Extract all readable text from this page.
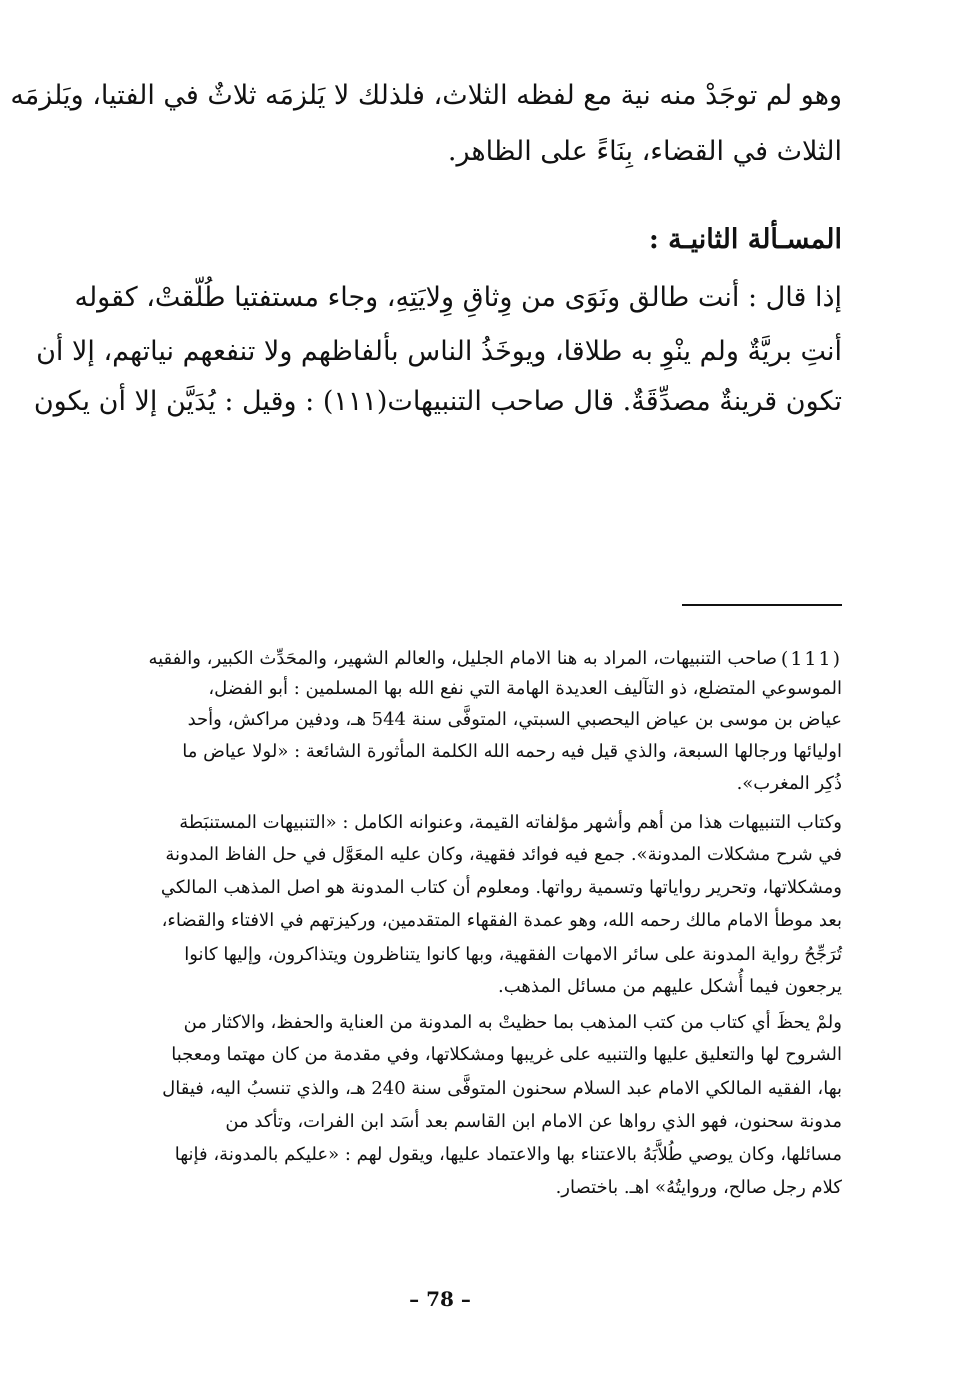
وهو لم توجَدْ منه نية مع لفظه الثلاث، فلذلك لا يَلزمَه ثلاثٌ في الفتيا، ويَلزمَه
الثلاث في القضاء، بِنَاءً على الظاهر.
المسـألة الثانيـة :
إذا قال : أنت طالق ونَوَى من وِثاقِ وِلايَتِهِ، وجاء مستفتيا طُلّقتْ، كقوله
أنتِ بريَّةٌ ولم ينْوِ به طلاقا، ويوخَذُ الناس بألفاظهم ولا تنفعهم نياتهم، إلا أن
تكون قرينةٌ مصدِّقَةٌ. قال صاحب التنبيهات(١١١) : وقيل : يُدَيَّن إلا أن يكون
(111)
صاحب التنبيهات، المراد به هنا الامام الجليل، والعالم الشهير، والمحَدِّث الكبير، والفقيه
الموسوعي المتضلع، ذو التآليف العديدة الهامة التي نفع الله بها المسلمين : أبو الفضل،
عياض بن موسى بن عياض اليحصبي السبتي، المتوفَّى سنة 544 هـ، ودفين مراكش، وأحد
اوليائها ورجالها السبعة، والذي قيل فيه رحمه الله الكلمة المأثورة الشائعة : «لولا عياض ما
ذُكِر المغرب».
وكتاب التنبيهات هذا من أهم وأشهر مؤلفاته القيمة، وعنوانه الكامل : «التنبيهات المستنبَطة
في شرح مشكلات المدونة». جمع فيه فوائد فقهية، وكان عليه المعَوَّل في حل الفاظ المدونة
ومشكلاتها، وتحرير رواياتها وتسمية رواتها. ومعلوم أن كتاب المدونة هو اصل المذهب المالكي
بعد موطأ الامام مالك رحمه الله، وهو عمدة الفقهاء المتقدمين، وركيزتهم في الافتاء والقضاء،
تُرَجِّحُ رواية المدونة على سائر الامهات الفقهية، وبها كانوا يتناظرون ويتذاكرون، وإليها كانوا
يرجعون فيما أُشكل عليهم من مسائل المذهب.
ولمْ يحظَ أي كتاب من كتب المذهب بما حظيتْ به المدونة من العناية والحفظ، والاكثار من
الشروح لها والتعليق عليها والتنبيه على غريبها ومشكلاتها، وفي مقدمة من كان مهتما ومعجبا
بها، الفقيه المالكي الامام عبد السلام سحنون المتوفَّى سنة 240 هـ، والذي تنسبُ اليه، فيقال
مدونة سحنون، فهو الذي رواها عن الامام ابن القاسم بعد أسَد ابن الفرات، وتأكد من
مسائلها، وكان يوصي طُلاَّبَهُ بالاعتناء بها والاعتماد عليها، ويقول لهم : «عليكم بالمدونة، فإنها
كلام رجل صالح، وروايتُهُ» اهـ. باختصار.
– 78 –
